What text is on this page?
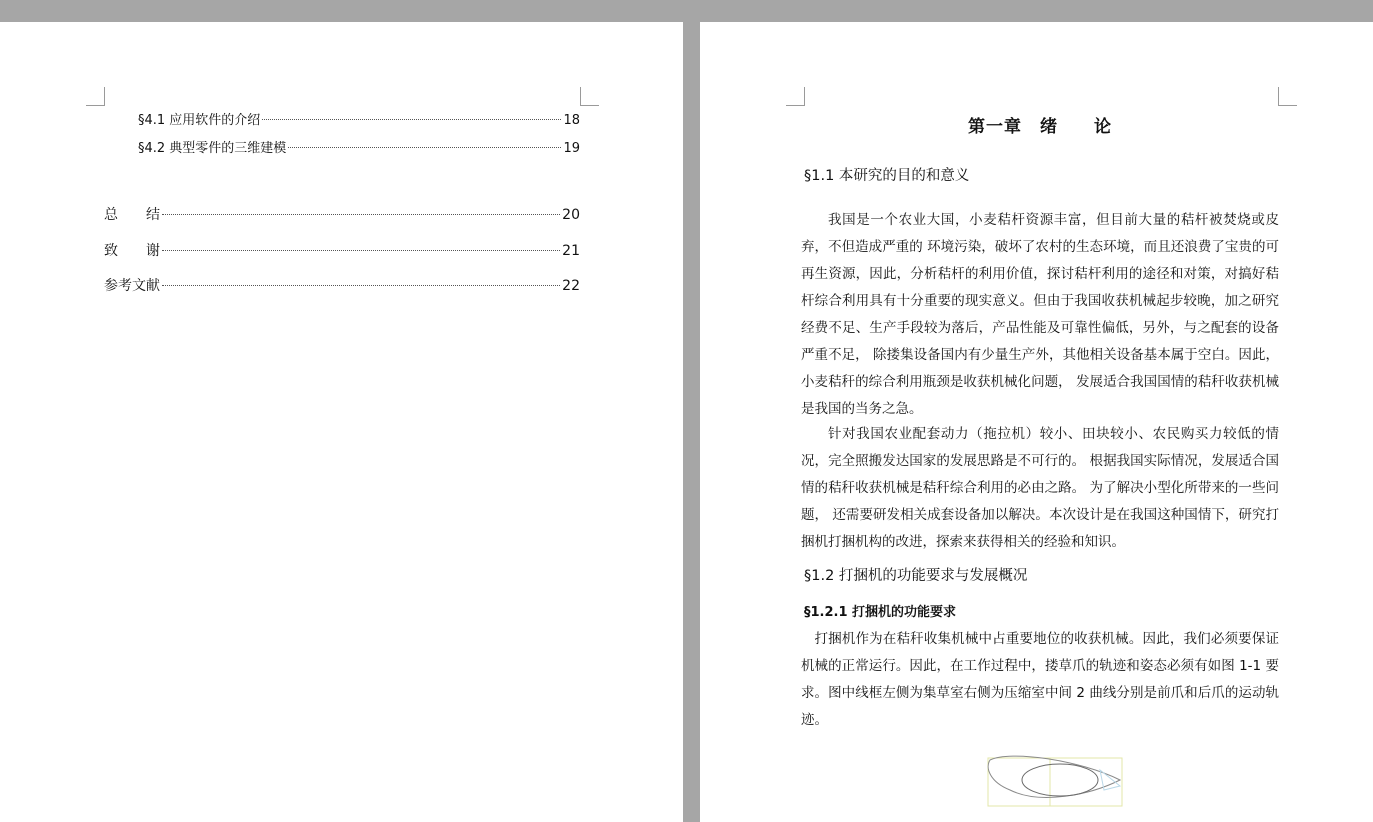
§4.1 应用软件的介绍	18
§4.2 典型零件的三维建模	19
总　　结	20
致　　谢	21
参考文献	22
第一章　绪　　论
§1.1 本研究的目的和意义

我国是一个农业大国，小麦秸杆资源丰富，但目前大量的秸杆被焚烧或皮弃，不但造成严重的 环境污染，破坏了农村的生态环境，而且还浪费了宝贵的可再生资源，因此，分析秸杆的利用价值，探讨秸杆利用的途径和对策，对搞好秸杆综合利用具有十分重要的现实意义。但由于我国收获机械起步较晚，加之研究经费不足、生产手段较为落后，产品性能及可靠性偏低，另外，与之配套的设备严重不足， 除搂集设备国内有少量生产外，其他相关设备基本属于空白。因此， 小麦秸秆的综合利用瓶颈是收获机械化问题， 发展适合我国国情的秸秆收获机械是我国的当务之急。

针对我国农业配套动力（拖拉机）较小、田块较小、农民购买力较低的情况，完全照搬发达国家的发展思路是不可行的。 根据我国实际情况，发展适合国情的秸秆收获机械是秸秆综合利用的必由之路。 为了解决小型化所带来的一些问题， 还需要研发相关成套设备加以解决。本次设计是在我国这种国情下，研究打捆机打捆机构的改进，探索来获得相关的经验和知识。

§1.2 打捆机的功能要求与发展概况
§1.2.1 打捆机的功能要求

打捆机作为在秸秆收集机械中占重要地位的收获机械。因此，我们必须要保证机械的正常运行。因此，在工作过程中，搂草爪的轨迹和姿态必须有如图 1-1 要求。图中线框左侧为集草室右侧为压缩室中间 2 曲线分别是前爪和后爪的运动轨迹。
